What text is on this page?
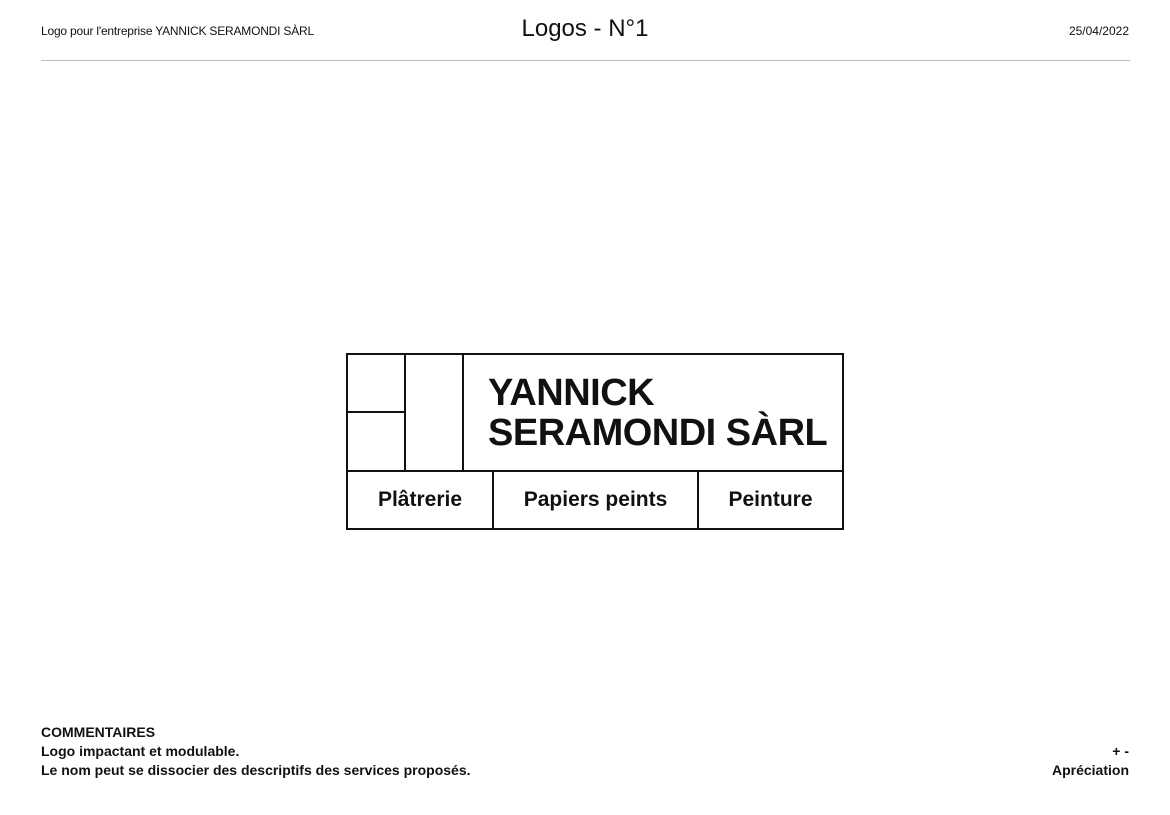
Logo pour l'entreprise YANNICK SERAMONDI SÀRL	Logos - N°1	25/04/2022
YANNICK
SERAMONDI SÀRL
Plâtrerie	Papiers peints	Peinture
COMMENTAIRES
Logo impactant et modulable.
Le nom peut se dissocier des descriptifs des services proposés.
+ -
Apréciation
